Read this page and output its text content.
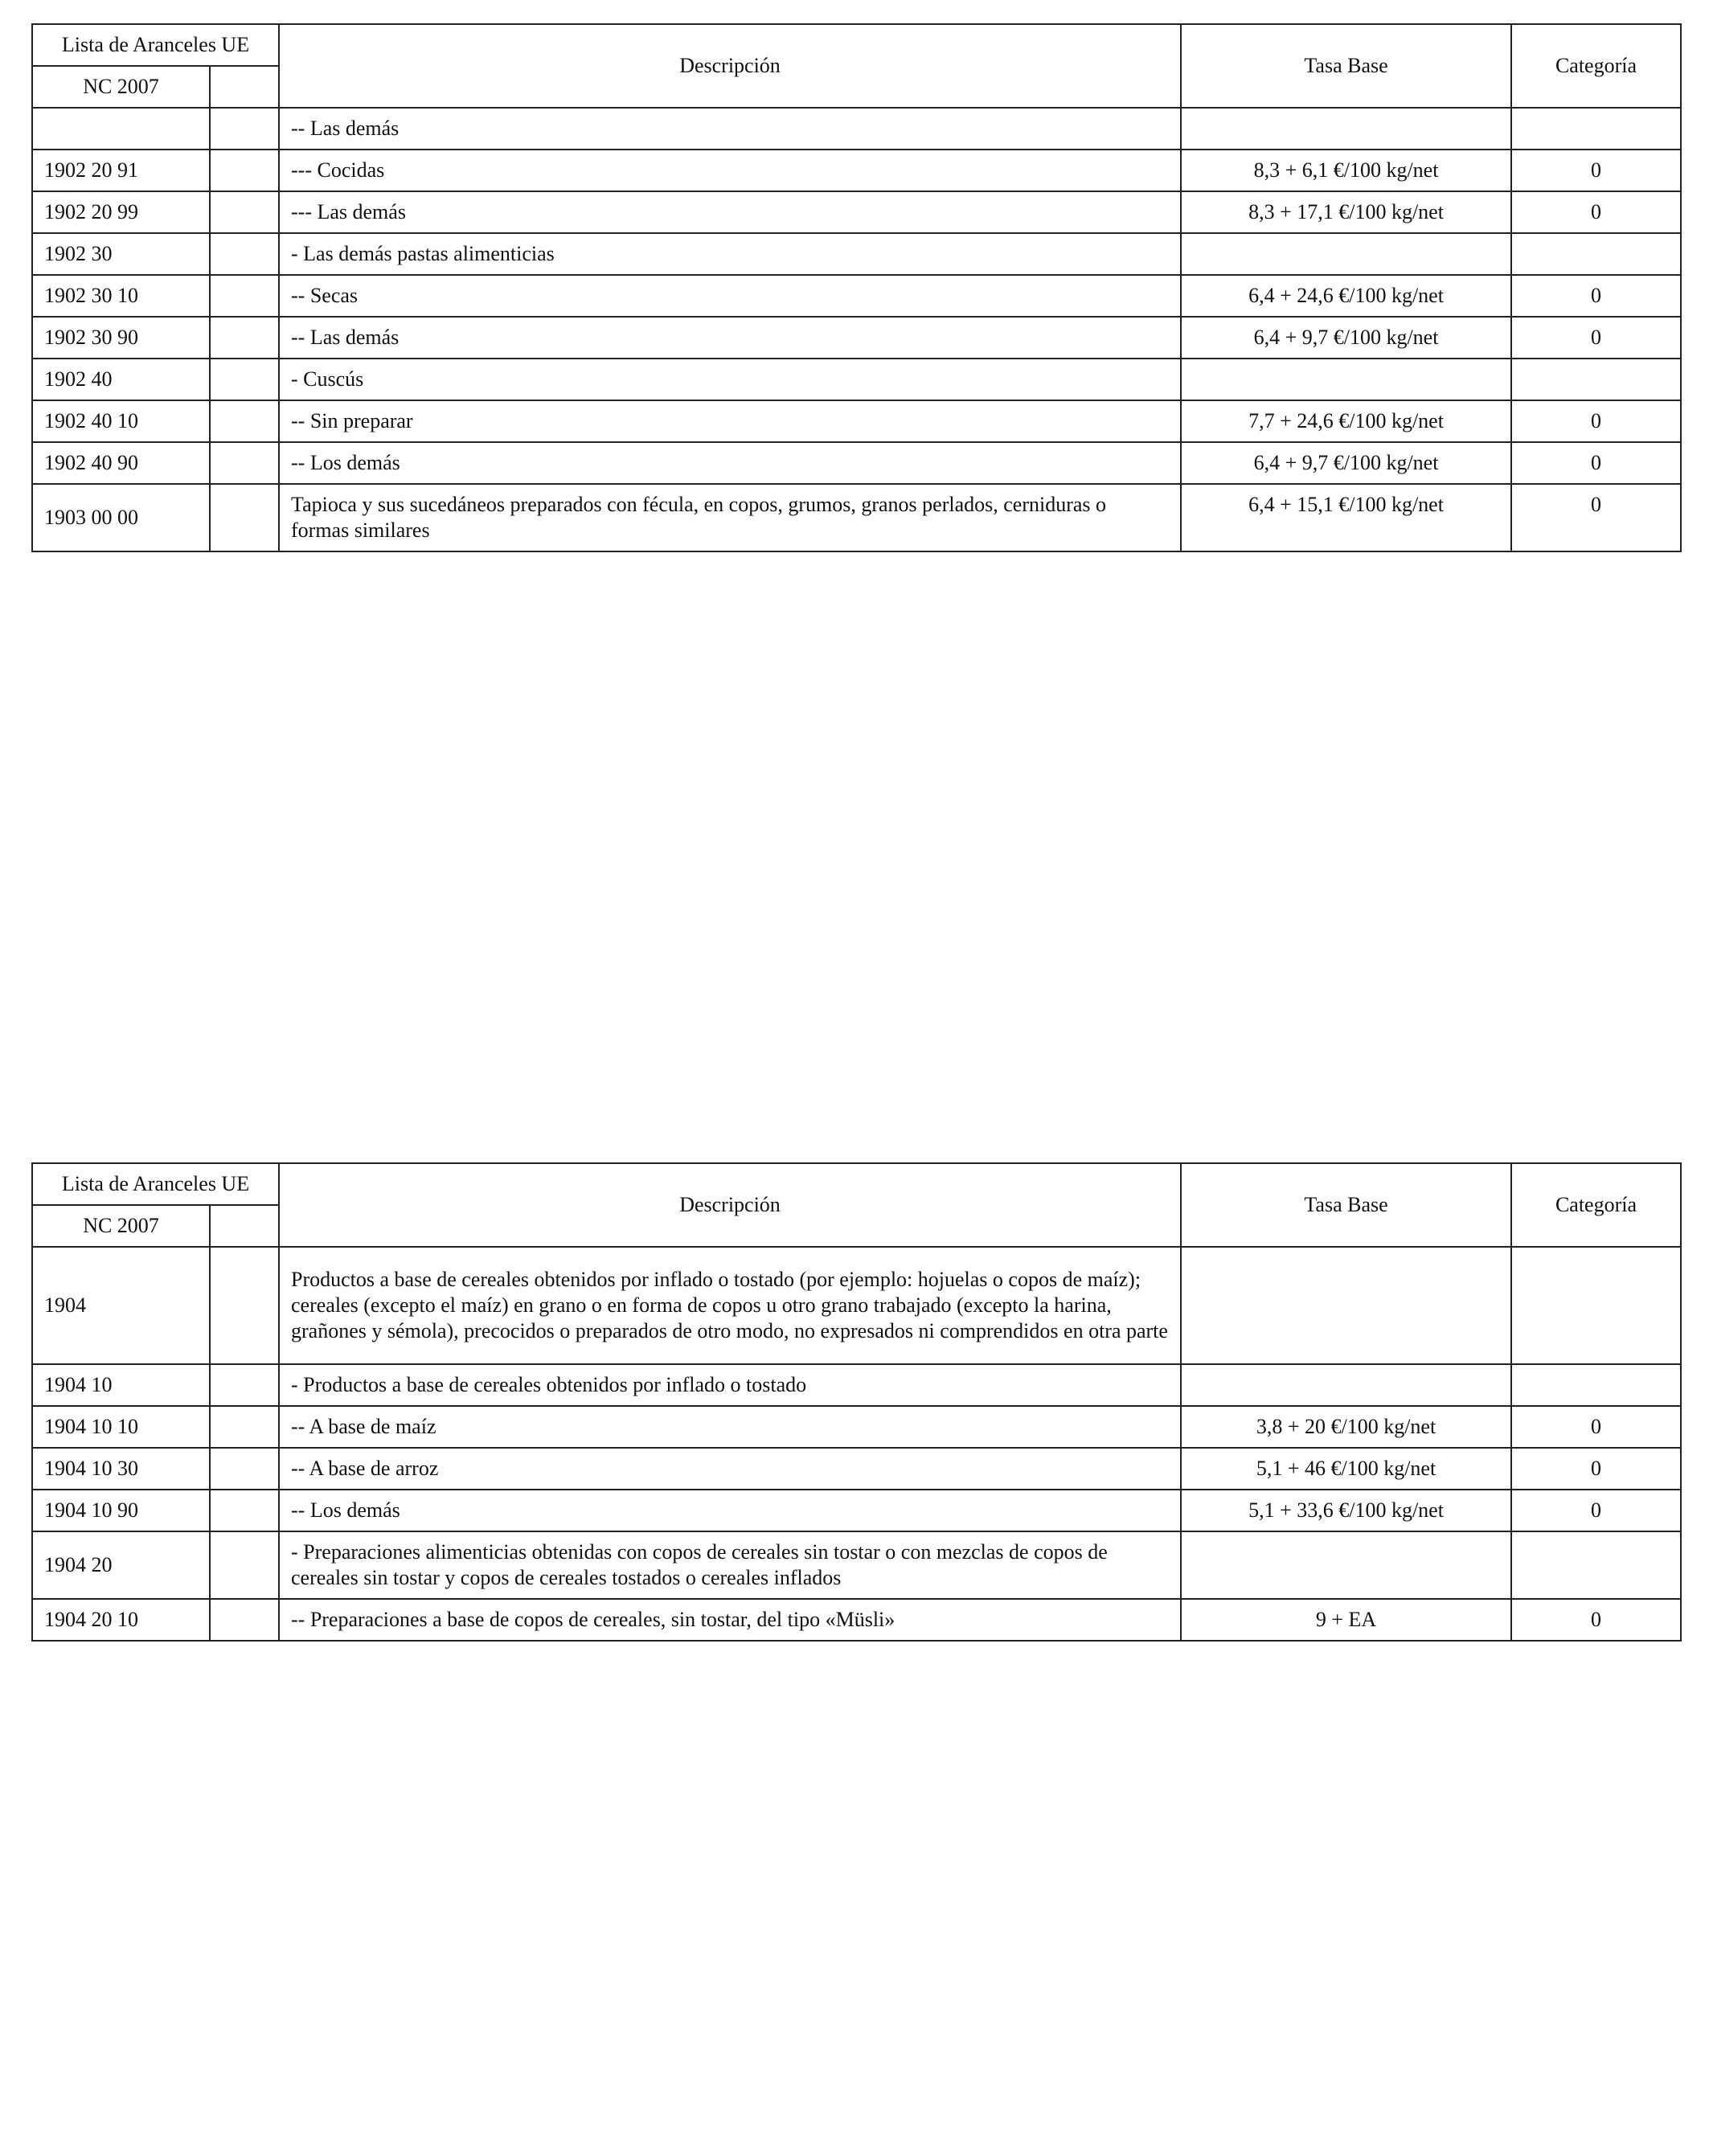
Lista de Aranceles UE		Descripción	Tasa Base	Categoría
NC 2007				
		-- Las demás		
1902 20 91		--- Cocidas	8,3 + 6,1 €/100 kg/net	0
1902 20 99		--- Las demás	8,3 + 17,1 €/100 kg/net	0
1902 30		- Las demás pastas alimenticias		
1902 30 10		-- Secas	6,4 + 24,6 €/100 kg/net	0
1902 30 90		-- Las demás	6,4 + 9,7 €/100 kg/net	0
1902 40		- Cuscús		
1902 40 10		-- Sin preparar	7,7 + 24,6 €/100 kg/net	0
1902 40 90		-- Los demás	6,4 + 9,7 €/100 kg/net	0
1903 00 00		Tapioca y sus sucedáneos preparados con fécula, en copos, grumos, granos perlados, cerniduras o formas similares	6,4 + 15,1 €/100 kg/net	0
Lista de Aranceles UE		Descripción	Tasa Base	Categoría
NC 2007				
1904		Productos a base de cereales obtenidos por inflado o tostado (por ejemplo: hojuelas o copos de maíz); cereales (excepto el maíz) en grano o en forma de copos u otro grano trabajado (excepto la harina, grañones y sémola), precocidos o preparados de otro modo, no expresados ni comprendidos en otra parte		
1904 10		- Productos a base de cereales obtenidos por inflado o tostado		
1904 10 10		-- A base de maíz	3,8 + 20 €/100 kg/net	0
1904 10 30		-- A base de arroz	5,1 + 46 €/100 kg/net	0
1904 10 90		-- Los demás	5,1 + 33,6 €/100 kg/net	0
1904 20		- Preparaciones alimenticias obtenidas con copos de cereales sin tostar o con mezclas de copos de cereales sin tostar y copos de cereales tostados o cereales inflados		
1904 20 10		-- Preparaciones a base de copos de cereales, sin tostar, del tipo «Müsli»	9 + EA	0
